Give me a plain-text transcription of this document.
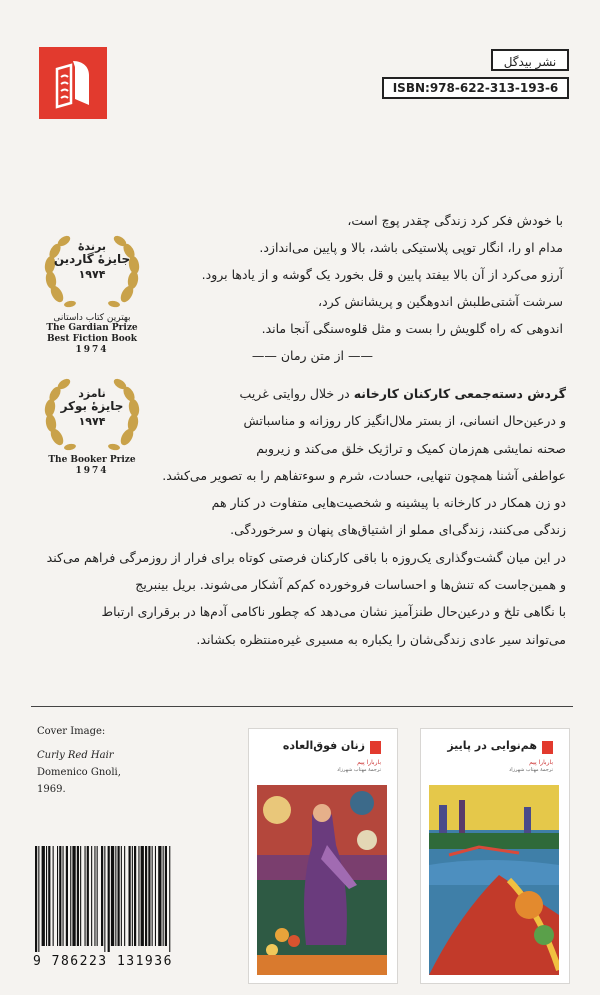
نشر بیدگل
ISBN:978-622-313-193-6
با خودش فکر کرد زندگی چقدر پوچ است،
مدام او را، انگار توپی پلاستیکی باشد، بالا و پایین می‌اندازد.
آرزو می‌کرد از آن بالا بیفتد پایین و قل بخورد یک گوشه و از یادها برود.
سرشت آشتی‌طلبش اندوهگین و پریشانش کرد،
اندوهی که راه گلویش را بست و مثل قلوه‌سنگی آنجا ماند.
—— از متن رمان ——
برندهٔ
جایزهٔ گاردین
۱۹۷۴
بهترین کتاب داستانی
The Gardian Prize
Best Fiction Book
1974
نامزد
جایزهٔ بوکر
۱۹۷۴
The Booker Prize
1974
گردش دسته‌جمعی کارکنان کارخانه در خلال روایتی غریب
و درعین‌حال انسانی، از بستر ملال‌انگیز کار روزانه و مناسباتش
صحنه نمایشی هم‌زمان کمیک و تراژیک خلق می‌کند و زیروبم
عواطفی آشنا همچون تنهایی، حسادت، شرم و سوءتفاهم را به تصویر می‌کشد.
دو زن همکار در کارخانه با پیشینه و شخصیت‌هایی متفاوت در کنار هم
زندگی می‌کنند، زندگی‌ای مملو از اشتیاق‌های پنهان و سرخوردگی.
در این میان گشت‌وگذاری یک‌روزه با باقی کارکنان فرصتی کوتاه برای فرار از روزمرگی فراهم می‌کند
و همین‌جاست که تنش‌ها و احساسات فروخورده کم‌کم آشکار می‌شوند. بریل بینبریج
با نگاهی تلخ و درعین‌حال طنزآمیز نشان می‌دهد که چطور ناکامی آدم‌ها در برقراری ارتباط
می‌تواند سیر عادی زندگی‌شان را یکباره به مسیری غیره‌منتظره بکشاند.
Cover Image:
Curly Red Hair
Domenico Gnoli,
1969.
9 786223 131936
زنان فوق‌العاده
باربارا پیم
ترجمهٔ مهتاب شهرزاد
هم‌نوایی در پاییز
باربارا پیم
ترجمهٔ مهتاب شهرزاد
